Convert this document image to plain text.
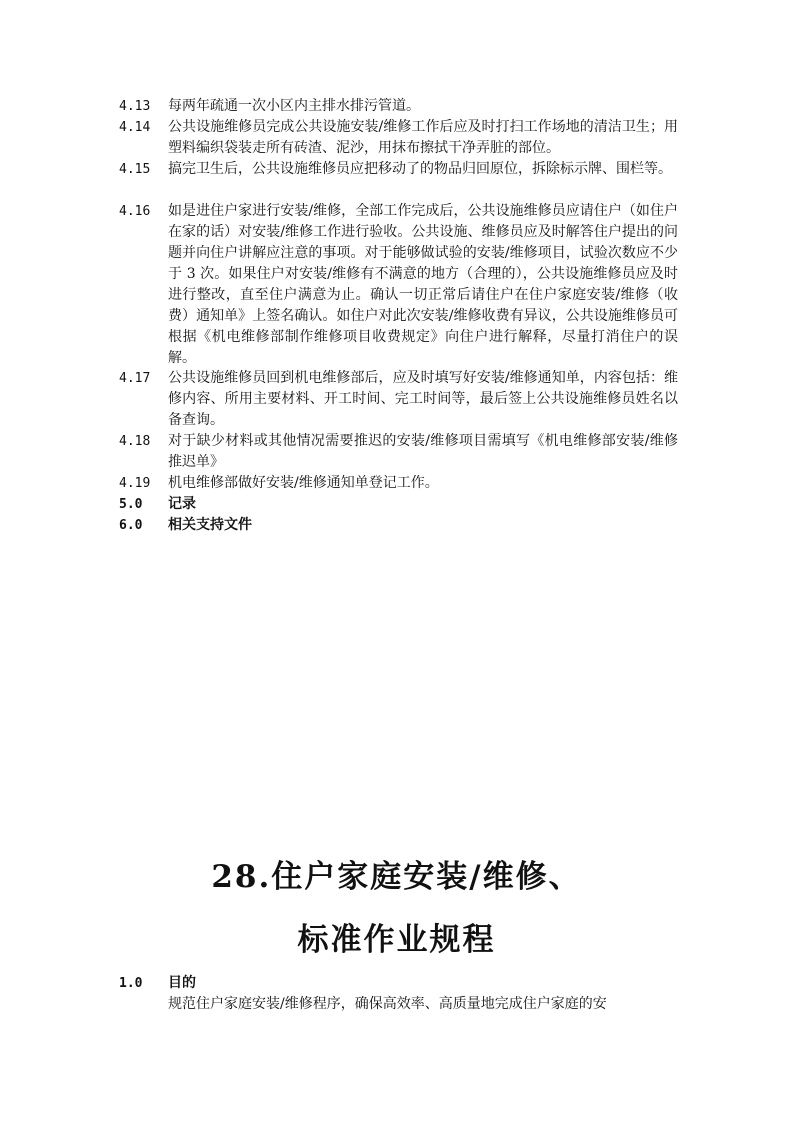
4.13 每两年疏通一次小区内主排水排污管道。
4.14 公共设施维修员完成公共设施安装/维修工作后应及时打扫工作场地的清洁卫生；用塑料编织袋装走所有砖渣、泥沙，用抹布擦拭干净弄脏的部位。
4.15 搞完卫生后，公共设施维修员应把移动了的物品归回原位，拆除标示牌、围栏等。
4.16 如是进住户家进行安装/维修，全部工作完成后，公共设施维修员应请住户（如住户在家的话）对安装/维修工作进行验收。公共设施、维修员应及时解答住户提出的问题并向住户讲解应注意的事项。对于能够做试验的安装/维修项目，试验次数应不少于 3 次。如果住户对安装/维修有不满意的地方（合理的），公共设施维修员应及时进行整改，直至住户满意为止。确认一切正常后请住户在住户家庭安装/维修（收费）通知单》上签名确认。如住户对此次安装/维修收费有异议，公共设施维修员可根据《机电维修部制作维修项目收费规定》向住户进行解释，尽量打消住户的误解。
4.17 公共设施维修员回到机电维修部后，应及时填写好安装/维修通知单，内容包括：维修内容、所用主要材料、开工时间、完工时间等，最后签上公共设施维修员姓名以备查询。
4.18 对于缺少材料或其他情况需要推迟的安装/维修项目需填写《机电维修部安装/维修推迟单》
4.19 机电维修部做好安装/维修通知单登记工作。
5.0 记录
6.0 相关支持文件
28.住户家庭安装/维修、
标准作业规程
1.0 目的
规范住户家庭安装/维修程序，确保高效率、高质量地完成住户家庭的安
